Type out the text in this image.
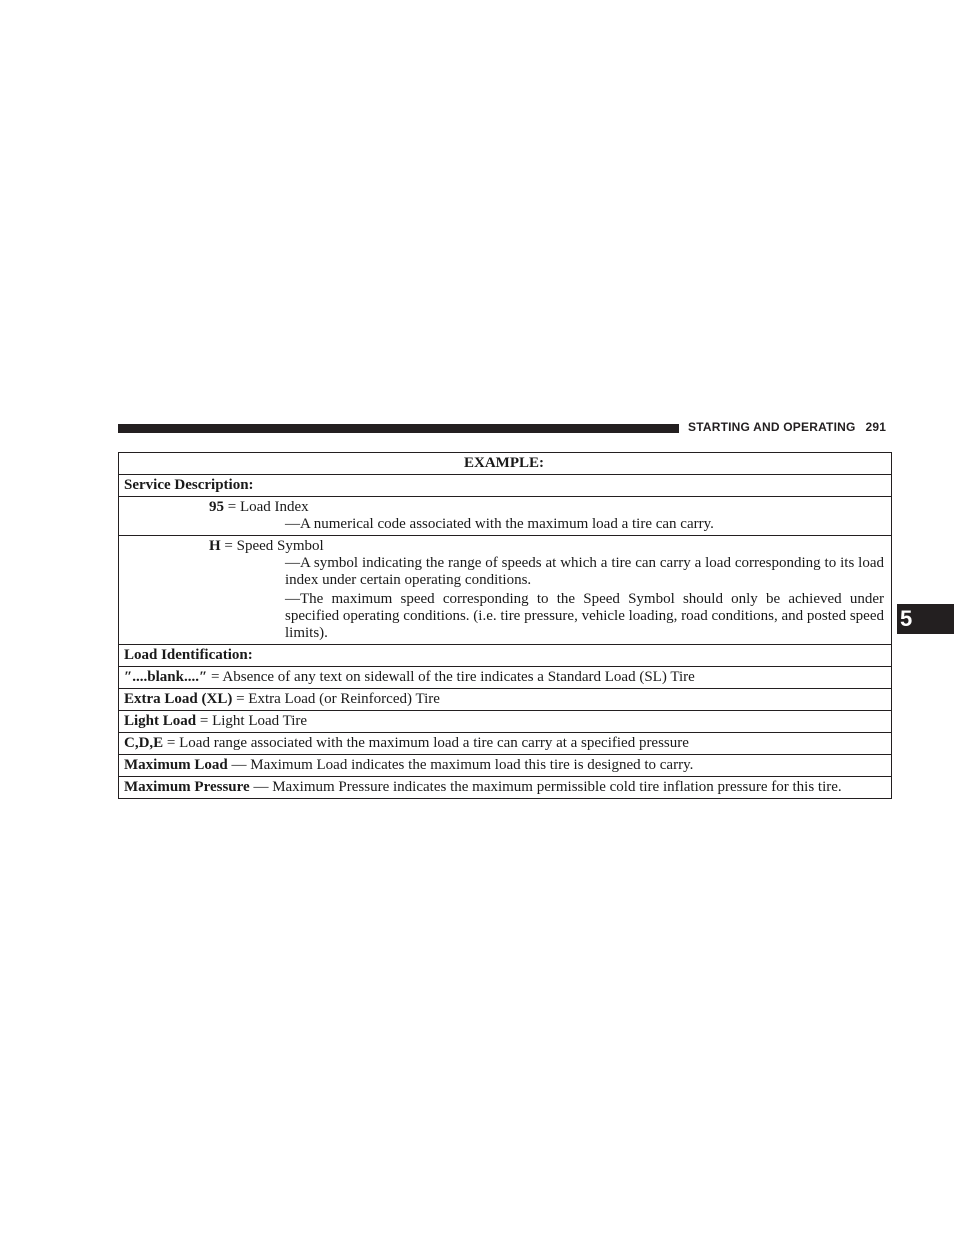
STARTING AND OPERATING 291
5
EXAMPLE:
Service Description:

95 = Load Index
—A numerical code associated with the maximum load a tire can carry.

H = Speed Symbol
—A symbol indicating the range of speeds at which a tire can carry a load corresponding to its load index under certain operating conditions.
—The maximum speed corresponding to the Speed Symbol should only be achieved under specified operating conditions. (i.e. tire pressure, vehicle loading, road conditions, and posted speed limits).

Load Identification:
″....blank....″ = Absence of any text on sidewall of the tire indicates a Standard Load (SL) Tire
Extra Load (XL) = Extra Load (or Reinforced) Tire
Light Load = Light Load Tire
C,D,E = Load range associated with the maximum load a tire can carry at a specified pressure
Maximum Load — Maximum Load indicates the maximum load this tire is designed to carry.
Maximum Pressure — Maximum Pressure indicates the maximum permissible cold tire inflation pressure for this tire.
